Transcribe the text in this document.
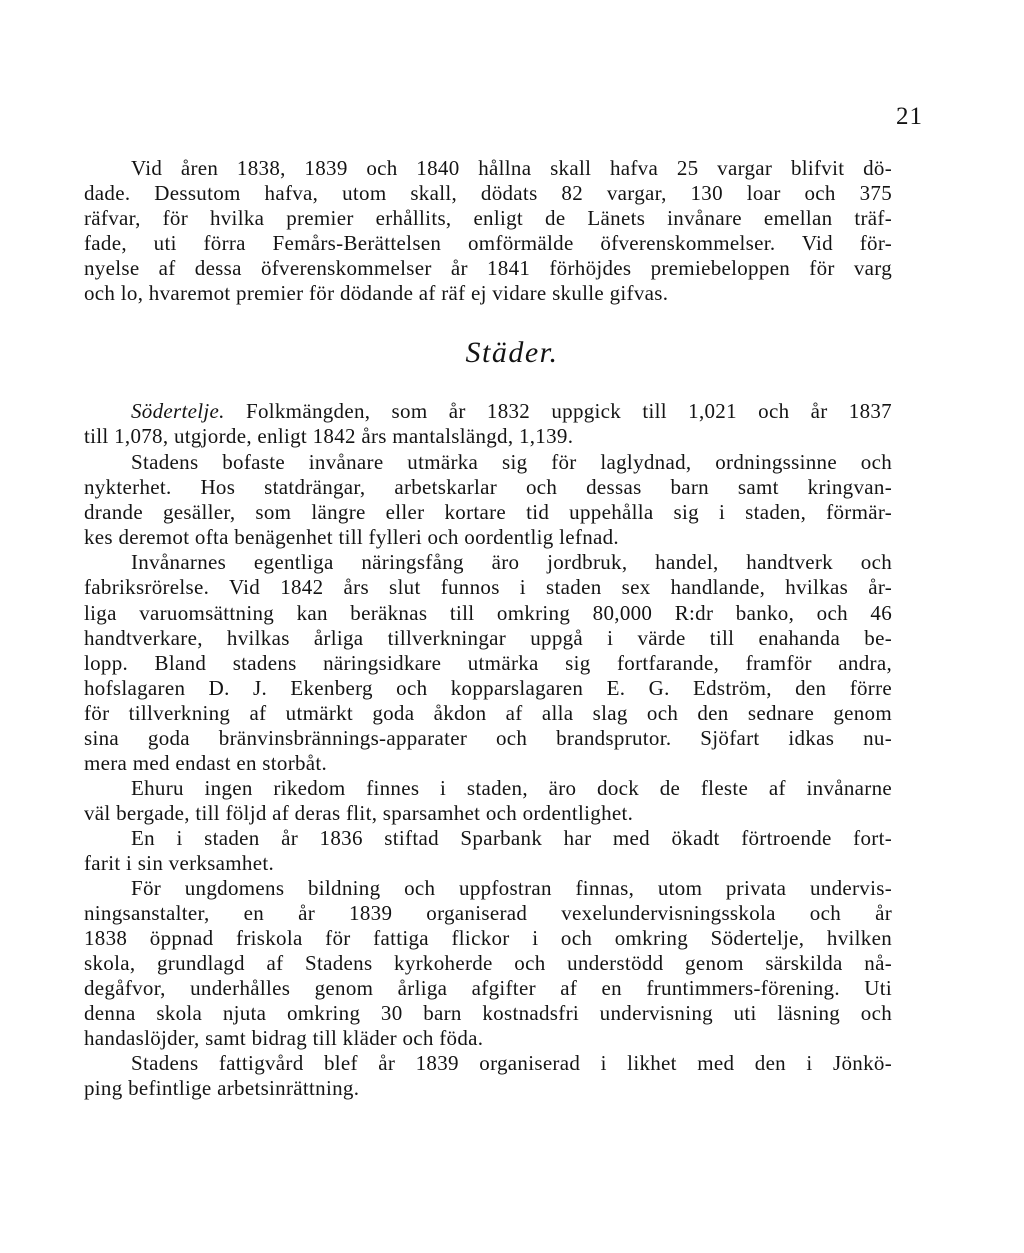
21
Vid åren 1838, 1839 och 1840 hållna skall hafva 25 vargar blifvit dö-
dade. Dessutom hafva, utom skall, dödats 82 vargar, 130 loar och 375
räfvar, för hvilka premier erhållits, enligt de Länets invånare emellan träf-
fade, uti förra Femårs-Berättelsen omförmälde öfverenskommelser. Vid för-
nyelse af dessa öfverenskommelser år 1841 förhöjdes premiebeloppen för varg
och lo, hvaremot premier för dödande af räf ej vidare skulle gifvas.
Städer.
Södertelje. Folkmängden, som år 1832 uppgick till 1,021 och år 1837
till 1,078, utgjorde, enligt 1842 års mantalslängd, 1,139.
Stadens bofaste invånare utmärka sig för laglydnad, ordningssinne och
nykterhet. Hos statdrängar, arbetskarlar och dessas barn samt kringvan-
drande gesäller, som längre eller kortare tid uppehålla sig i staden, förmär-
kes deremot ofta benägenhet till fylleri och oordentlig lefnad.
Invånarnes egentliga näringsfång äro jordbruk, handel, handtverk och
fabriksrörelse. Vid 1842 års slut funnos i staden sex handlande, hvilkas år-
liga varuomsättning kan beräknas till omkring 80,000 R:dr banko, och 46
handtverkare, hvilkas årliga tillverkningar uppgå i värde till enahanda be-
lopp. Bland stadens näringsidkare utmärka sig fortfarande, framför andra,
hofslagaren D. J. Ekenberg och kopparslagaren E. G. Edström, den förre
för tillverkning af utmärkt goda åkdon af alla slag och den sednare genom
sina goda bränvinsbrännings-apparater och brandsprutor. Sjöfart idkas nu-
mera med endast en storbåt.
Ehuru ingen rikedom finnes i staden, äro dock de fleste af invånarne
väl bergade, till följd af deras flit, sparsamhet och ordentlighet.
En i staden år 1836 stiftad Sparbank har med ökadt förtroende fort-
farit i sin verksamhet.
För ungdomens bildning och uppfostran finnas, utom privata undervis-
ningsanstalter, en år 1839 organiserad vexelundervisningsskola och år
1838 öppnad friskola för fattiga flickor i och omkring Södertelje, hvilken
skola, grundlagd af Stadens kyrkoherde och understödd genom särskilda nå-
degåfvor, underhålles genom årliga afgifter af en fruntimmers-förening. Uti
denna skola njuta omkring 30 barn kostnadsfri undervisning uti läsning och
handaslöjder, samt bidrag till kläder och föda.
Stadens fattigvård blef år 1839 organiserad i likhet med den i Jönkö-
ping befintlige arbetsinrättning.
